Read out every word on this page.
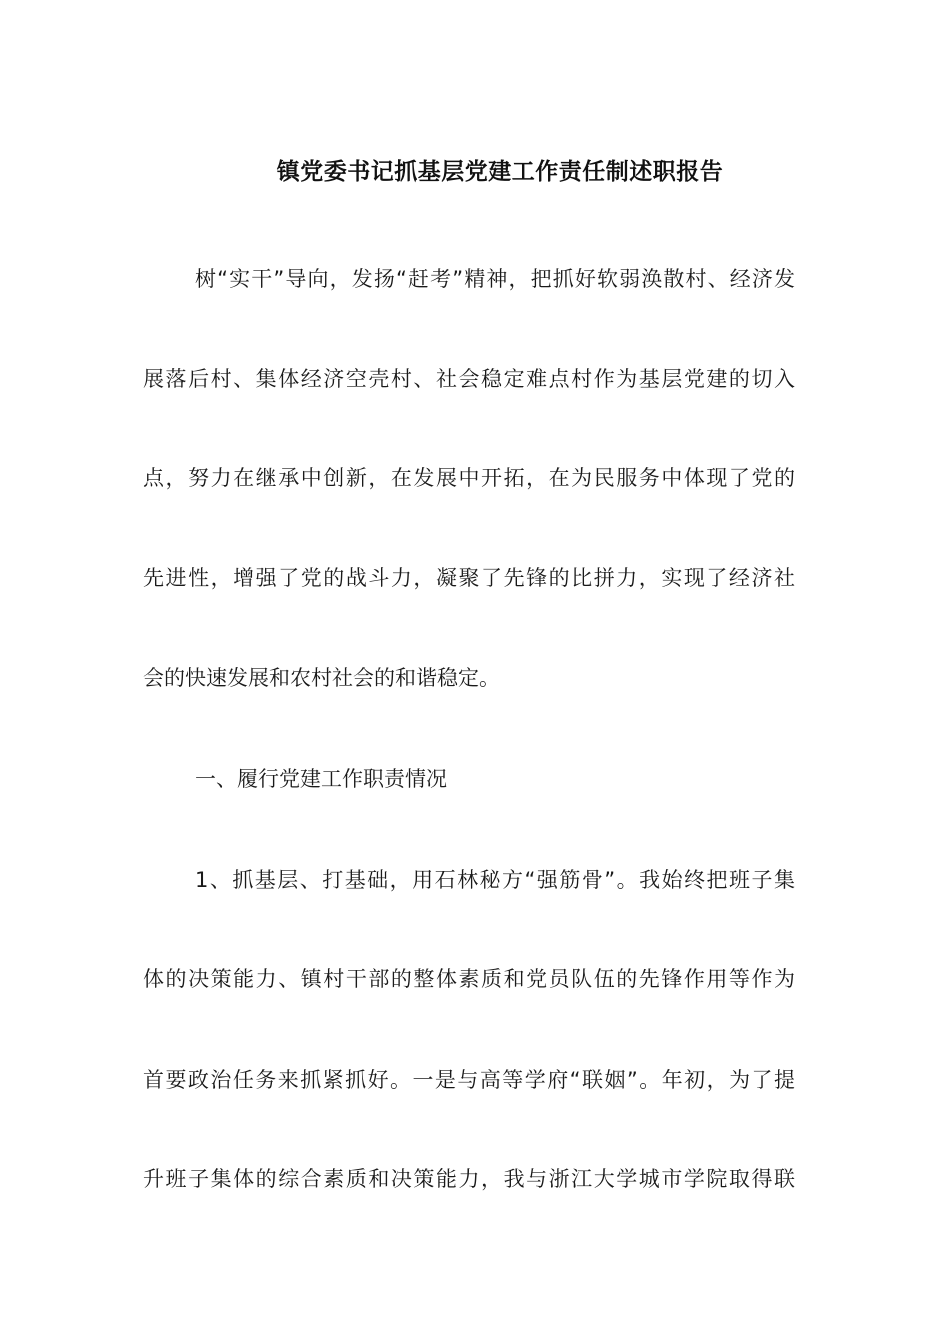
镇党委书记抓基层党建工作责任制述职报告
树“实干”导向，发扬“赶考”精神，把抓好软弱涣散村、经济发
展落后村、集体经济空壳村、社会稳定难点村作为基层党建的切入
点，努力在继承中创新，在发展中开拓，在为民服务中体现了党的
先进性，增强了党的战斗力，凝聚了先锋的比拼力，实现了经济社
会的快速发展和农村社会的和谐稳定。
一、履行党建工作职责情况
1、抓基层、打基础，用石林秘方“强筋骨”。我始终把班子集
体的决策能力、镇村干部的整体素质和党员队伍的先锋作用等作为
首要政治任务来抓紧抓好。一是与高等学府“联姻”。年初，为了提
升班子集体的综合素质和决策能力，我与浙江大学城市学院取得联
